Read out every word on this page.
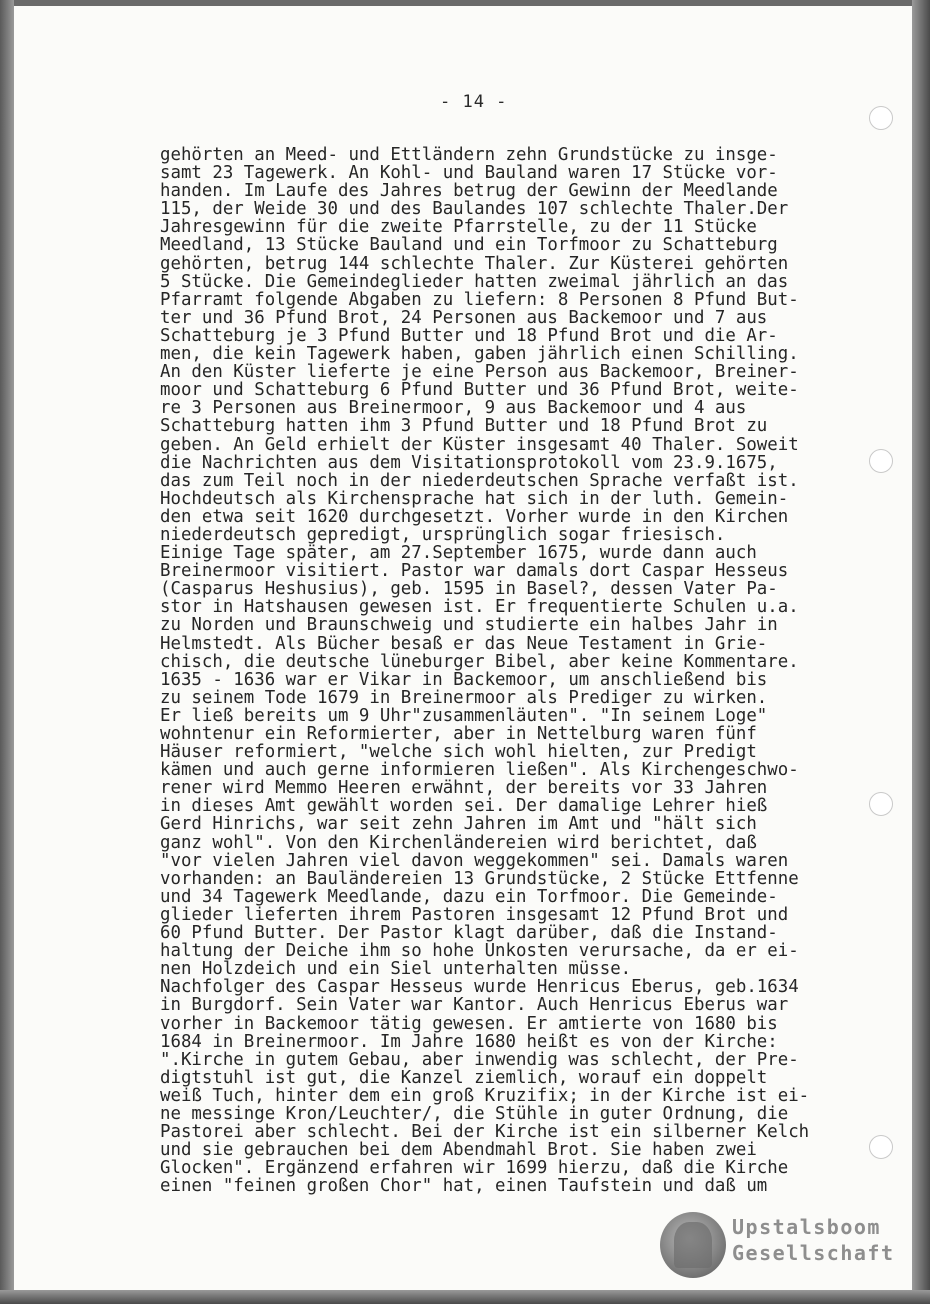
- 14 -
gehörten an Meed- und Ettländern zehn Grundstücke zu insge-
samt 23 Tagewerk. An Kohl- und Bauland waren 17 Stücke vor-
handen. Im Laufe des Jahres betrug der Gewinn der Meedlande
115, der Weide 30 und des Baulandes 107 schlechte Thaler.Der
Jahresgewinn für die zweite Pfarrstelle, zu der 11 Stücke
Meedland, 13 Stücke Bauland und ein Torfmoor zu Schatteburg
gehörten, betrug 144 schlechte Thaler. Zur Küsterei gehörten
5 Stücke. Die Gemeindeglieder hatten zweimal jährlich an das
Pfarramt folgende Abgaben zu liefern: 8 Personen 8 Pfund But-
ter und 36 Pfund Brot, 24 Personen aus Backemoor und 7 aus
Schatteburg je 3 Pfund Butter und 18 Pfund Brot und die Ar-
men, die kein Tagewerk haben, gaben jährlich einen Schilling.
An den Küster lieferte je eine Person aus Backemoor, Breiner-
moor und Schatteburg 6 Pfund Butter und 36 Pfund Brot, weite-
re 3 Personen aus Breinermoor, 9 aus Backemoor und 4 aus
Schatteburg hatten ihm 3 Pfund Butter und 18 Pfund Brot zu
geben. An Geld erhielt der Küster insgesamt 40 Thaler. Soweit
die Nachrichten aus dem Visitationsprotokoll vom 23.9.1675,
das zum Teil noch in der niederdeutschen Sprache verfaßt ist.
Hochdeutsch als Kirchensprache hat sich in der luth. Gemein-
den etwa seit 1620 durchgesetzt. Vorher wurde in den Kirchen
niederdeutsch gepredigt, ursprünglich sogar friesisch.
Einige Tage später, am 27.September 1675, wurde dann auch
Breinermoor visitiert. Pastor war damals dort Caspar Hesseus
(Casparus Heshusius), geb. 1595 in Basel?, dessen Vater Pa-
stor in Hatshausen gewesen ist. Er frequentierte Schulen u.a.
zu Norden und Braunschweig und studierte ein halbes Jahr in
Helmstedt. Als Bücher besaß er das Neue Testament in Grie-
chisch, die deutsche lüneburger Bibel, aber keine Kommentare.
1635 - 1636 war er Vikar in Backemoor, um anschließend bis
zu seinem Tode 1679 in Breinermoor als Prediger zu wirken.
Er ließ bereits um 9 Uhr"zusammenläuten". "In seinem Loge"
wohntenur ein Reformierter, aber in Nettelburg waren fünf
Häuser reformiert, "welche sich wohl hielten, zur Predigt
kämen und auch gerne informieren ließen". Als Kirchengeschwo-
rener wird Memmo Heeren erwähnt, der bereits vor 33 Jahren
in dieses Amt gewählt worden sei. Der damalige Lehrer hieß
Gerd Hinrichs, war seit zehn Jahren im Amt und "hält sich
ganz wohl". Von den Kirchenländereien wird berichtet, daß
"vor vielen Jahren viel davon weggekommen" sei. Damals waren
vorhanden: an Bauländereien 13 Grundstücke, 2 Stücke Ettfenne
und 34 Tagewerk Meedlande, dazu ein Torfmoor. Die Gemeinde-
glieder lieferten ihrem Pastoren insgesamt 12 Pfund Brot und
60 Pfund Butter. Der Pastor klagt darüber, daß die Instand-
haltung der Deiche ihm so hohe Unkosten verursache, da er ei-
nen Holzdeich und ein Siel unterhalten müsse.
Nachfolger des Caspar Hesseus wurde Henricus Eberus, geb.1634
in Burgdorf. Sein Vater war Kantor. Auch Henricus Eberus war
vorher in Backemoor tätig gewesen. Er amtierte von 1680 bis
1684 in Breinermoor. Im Jahre 1680 heißt es von der Kirche:
".Kirche in gutem Gebau, aber inwendig was schlecht, der Pre-
digtstuhl ist gut, die Kanzel ziemlich, worauf ein doppelt
weiß Tuch, hinter dem ein groß Kruzifix; in der Kirche ist ei-
ne messinge Kron/Leuchter/, die Stühle in guter Ordnung, die
Pastorei aber schlecht. Bei der Kirche ist ein silberner Kelch
und sie gebrauchen bei dem Abendmahl Brot. Sie haben zwei
Glocken". Ergänzend erfahren wir 1699 hierzu, daß die Kirche
einen "feinen großen Chor" hat, einen Taufstein und daß um
Upstalsboom
Gesellschaft
